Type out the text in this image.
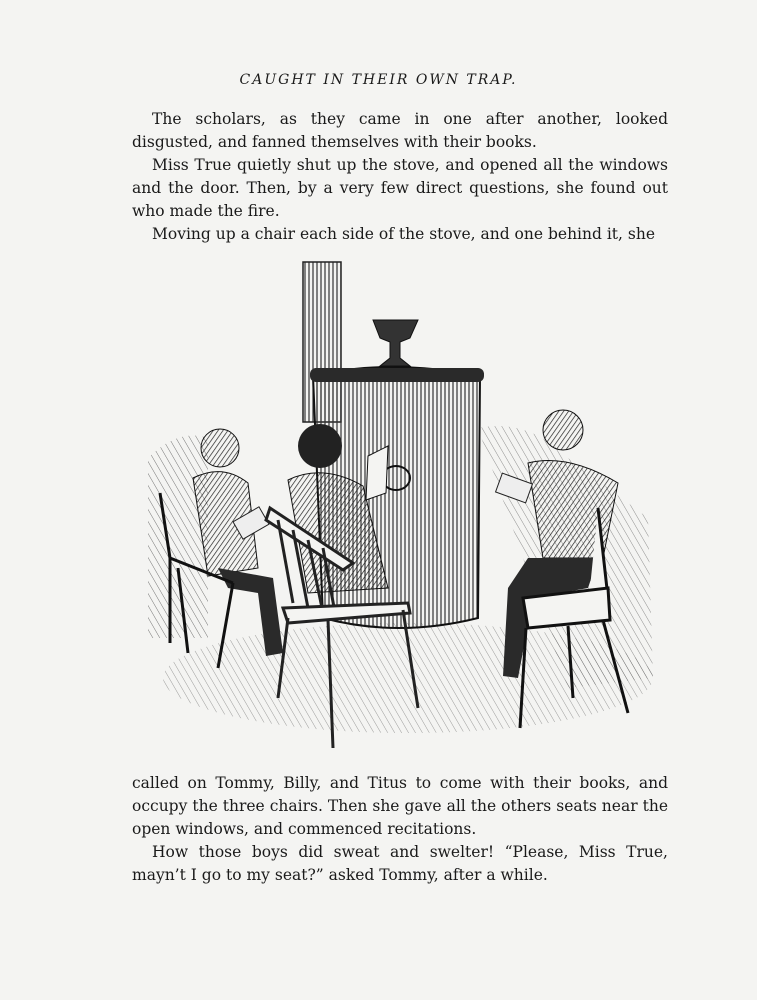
CAUGHT IN THEIR OWN TRAP.

The scholars, as they came in one after another, looked disgusted, and fanned themselves with their books.

Miss True quietly shut up the stove, and opened all the windows and the door. Then, by a very few direct questions, she found out who made the fire.

Moving up a chair each side of the stove, and one behind it, she

called on Tommy, Billy, and Titus to come with their books, and occupy the three chairs. Then she gave all the others seats near the open windows, and commenced recitations.

How those boys did sweat and swelter! “Please, Miss True, mayn’t I go to my seat?” asked Tommy, after a while.
